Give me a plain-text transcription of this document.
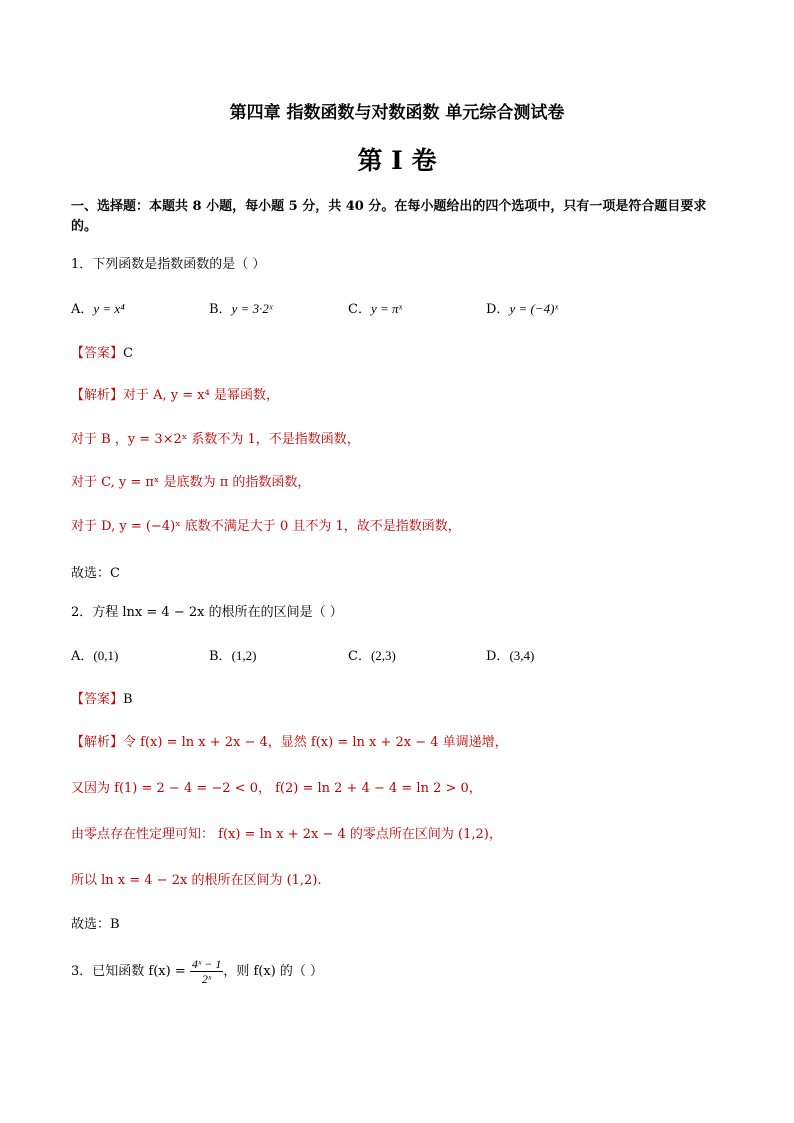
第四章 指数函数与对数函数 单元综合测试卷
第 I 卷
一、选择题：本题共 8 小题，每小题 5 分，共 40 分。在每小题给出的四个选项中，只有一项是符合题目要求的。
1．下列函数是指数函数的是（ ）
A．y = x⁴	B．y = 3·2ˣ	C．y = πˣ	D．y = (−4)ˣ
【答案】C
【解析】对于 A, y = x⁴ 是幂函数，
对于 B ，y = 3×2ˣ 系数不为 1，不是指数函数，
对于 C, y = πˣ 是底数为 π 的指数函数，
对于 D, y = (−4)ˣ 底数不满足大于 0 且不为 1，故不是指数函数，
故选：C
2．方程 lnx = 4 − 2x 的根所在的区间是（ ）
A．(0,1)	B．(1,2)	C．(2,3)	D．(3,4)
【答案】B
【解析】令 f(x) = ln x + 2x − 4，显然 f(x) = ln x + 2x − 4 单调递增，
又因为 f(1) = 2 − 4 = −2 < 0， f(2) = ln 2 + 4 − 4 = ln 2 > 0，
由零点存在性定理可知： f(x) = ln x + 2x − 4 的零点所在区间为 (1,2)，
所以 ln x = 4 − 2x 的根所在区间为 (1,2).
故选：B
3．已知函数 $f(x) = \frac{\text{4ˣ − 1}}{\text{2ˣ}}$ ，则 f(x) 的（ ）
